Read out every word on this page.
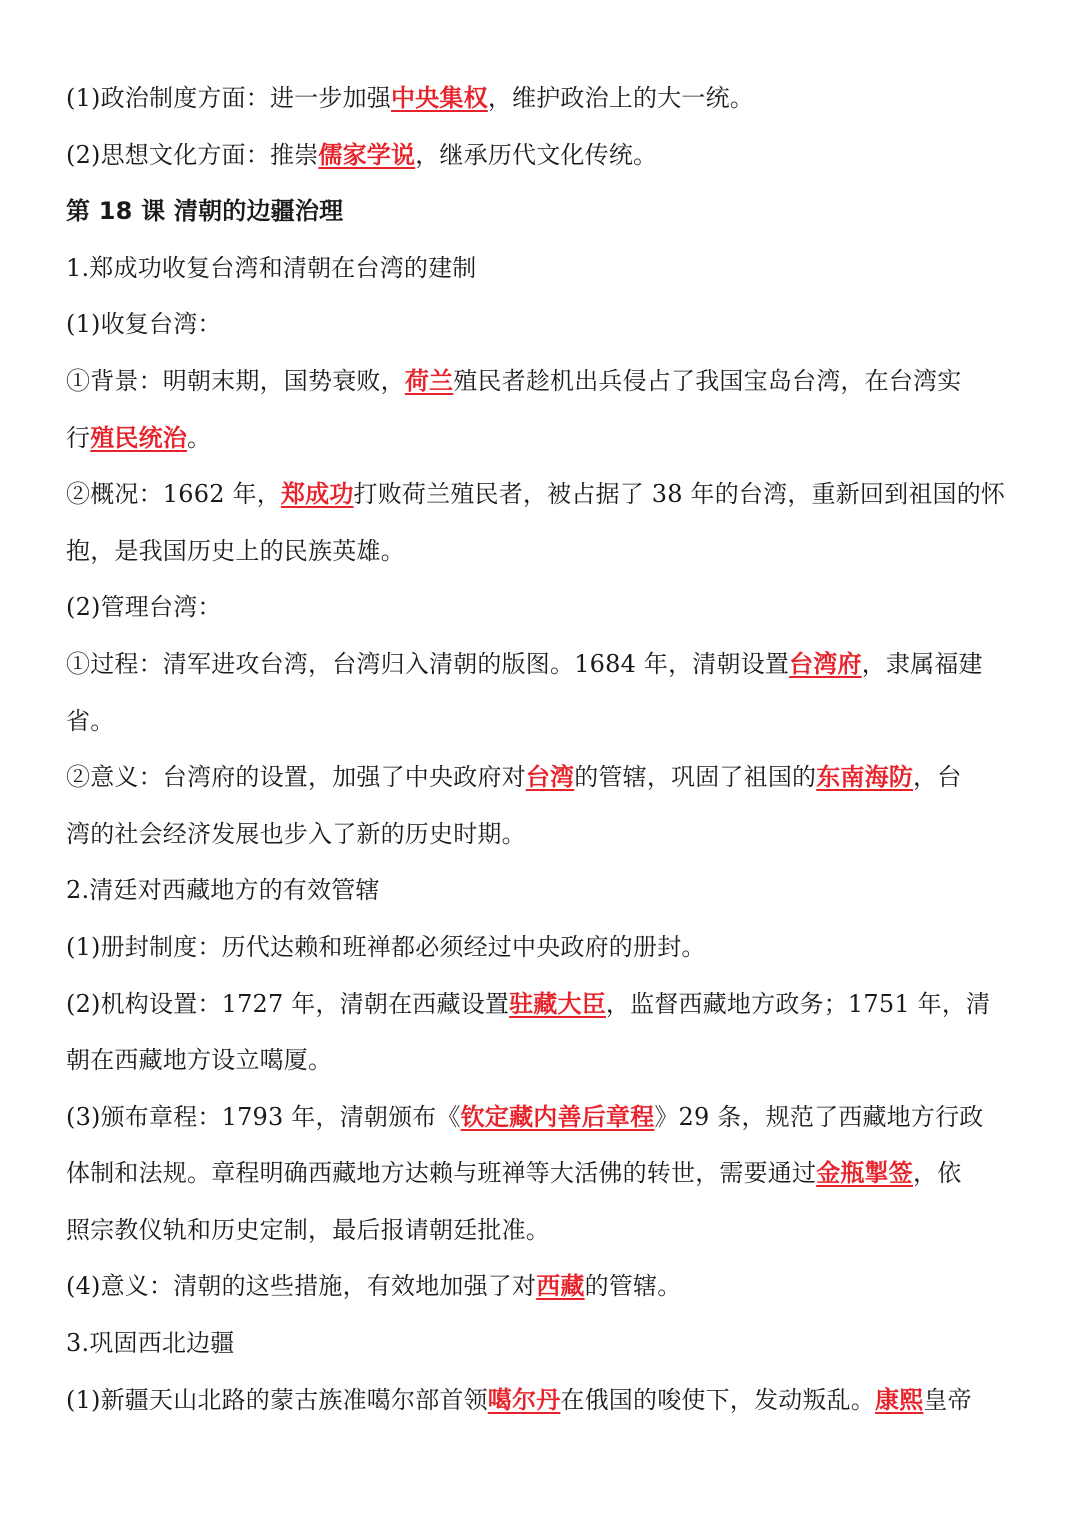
(1)政治制度方面：进一步加强中央集权，维护政治上的大一统。
(2)思想文化方面：推崇儒家学说，继承历代文化传统。
第 18 课 清朝的边疆治理
1.郑成功收复台湾和清朝在台湾的建制
(1)收复台湾：
①背景：明朝末期，国势衰败，荷兰殖民者趁机出兵侵占了我国宝岛台湾，在台湾实
行殖民统治。
②概况：1662 年，郑成功打败荷兰殖民者，被占据了 38 年的台湾，重新回到祖国的怀
抱，是我国历史上的民族英雄。
(2)管理台湾：
①过程：清军进攻台湾，台湾归入清朝的版图。1684 年，清朝设置台湾府，隶属福建
省。
②意义：台湾府的设置，加强了中央政府对台湾的管辖，巩固了祖国的东南海防，台
湾的社会经济发展也步入了新的历史时期。
2.清廷对西藏地方的有效管辖
(1)册封制度：历代达赖和班禅都必须经过中央政府的册封。
(2)机构设置：1727 年，清朝在西藏设置驻藏大臣，监督西藏地方政务；1751 年，清
朝在西藏地方设立噶厦。
(3)颁布章程：1793 年，清朝颁布《钦定藏内善后章程》29 条，规范了西藏地方行政
体制和法规。章程明确西藏地方达赖与班禅等大活佛的转世，需要通过金瓶掣签，依
照宗教仪轨和历史定制，最后报请朝廷批准。
(4)意义：清朝的这些措施，有效地加强了对西藏的管辖。
3.巩固西北边疆
(1)新疆天山北路的蒙古族准噶尔部首领噶尔丹在俄国的唆使下，发动叛乱。康熙皇帝
